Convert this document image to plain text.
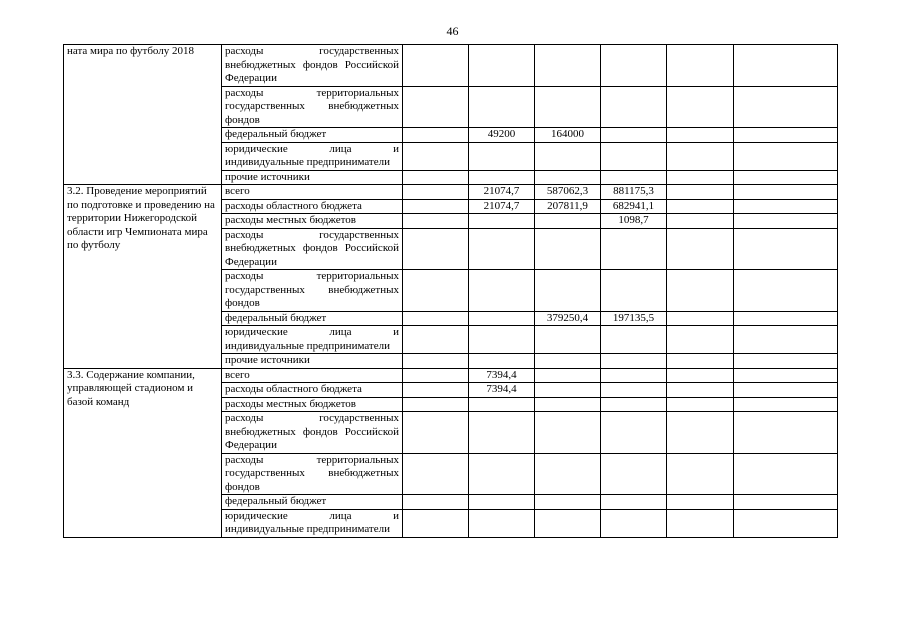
46
ната мира по футболу 2018	расходы государственных внебюджетных фондов Российской Федерации						
	расходы территориальных государственных внебюджетных фондов						
	федеральный бюджет		49200	164000			
	юридические лица и индивидуальные предприниматели						
	прочие источники						
3.2. Проведение мероприятий по подготовке и проведению на территории Нижегородской области игр Чемпионата мира по футболу	всего		21074,7	587062,3	881175,3		
	расходы областного бюджета		21074,7	207811,9	682941,1		
	расходы местных бюджетов				1098,7		
	расходы государственных внебюджетных фондов Российской Федерации						
	расходы территориальных государственных внебюджетных фондов						
	федеральный бюджет			379250,4	197135,5		
	юридические лица и индивидуальные предприниматели						
	прочие источники						
3.3. Содержание компании, управляющей стадионом и базой команд	всего		7394,4				
	расходы областного бюджета		7394,4				
	расходы местных бюджетов						
	расходы государственных внебюджетных фондов Российской Федерации						
	расходы территориальных государственных внебюджетных фондов						
	федеральный бюджет						
	юридические лица и индивидуальные предприниматели						
